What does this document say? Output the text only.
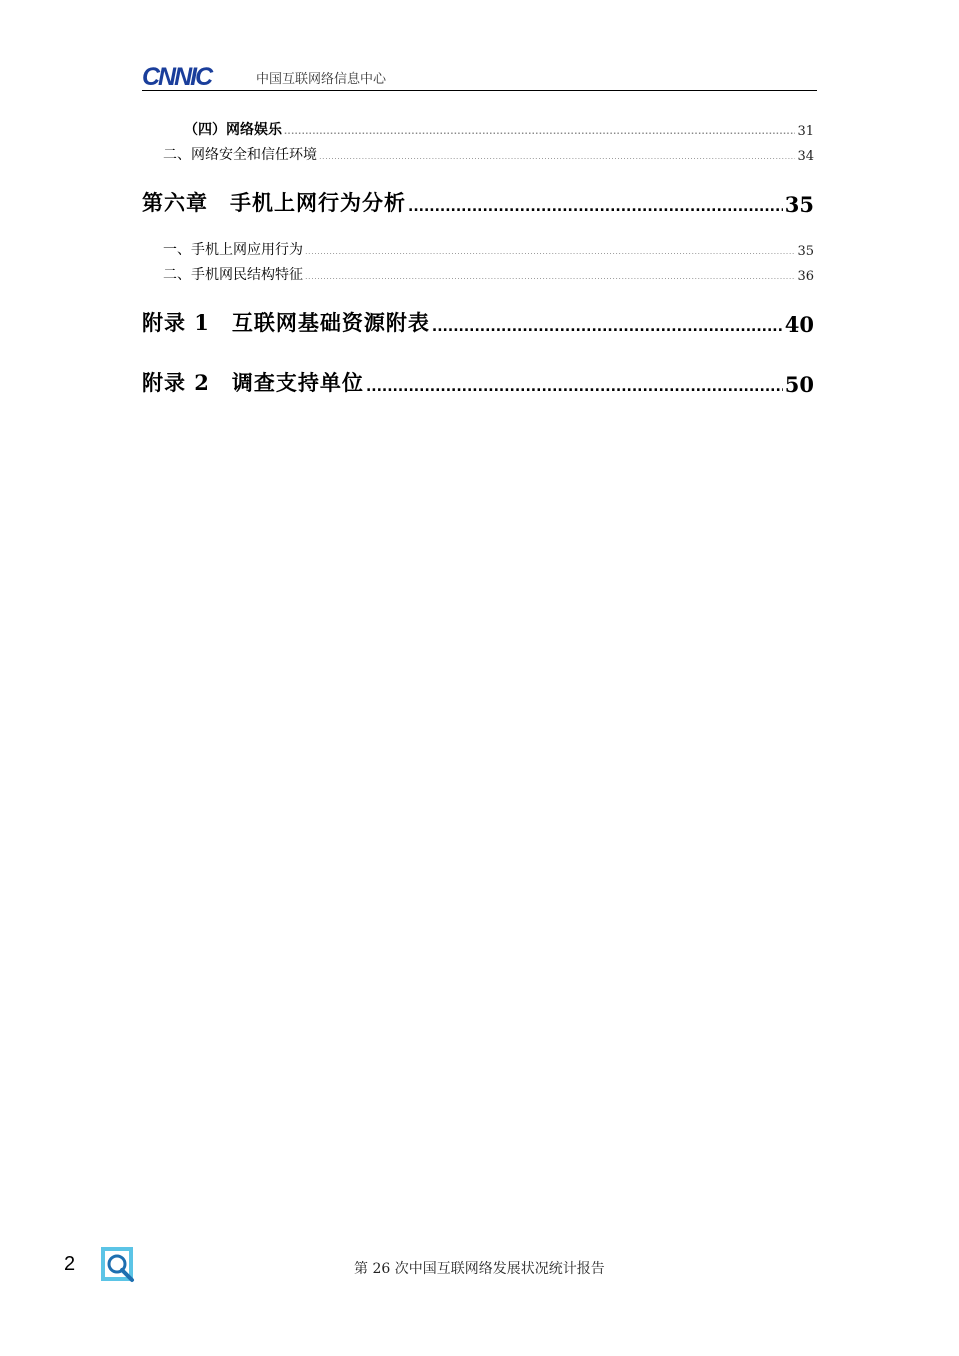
CNNIC	中国互联网络信息中心
（四）网络娱乐 .....	31
二、网络安全和信任环境 .....	34
第六章　手机上网行为分析 .....	35
一、手机上网应用行为 .....	35
二、手机网民结构特征 .....	36
附录 1　互联网基础资源附表 .....	40
附录 2　调查支持单位 .....	50
2	第 26 次中国互联网络发展状况统计报告
